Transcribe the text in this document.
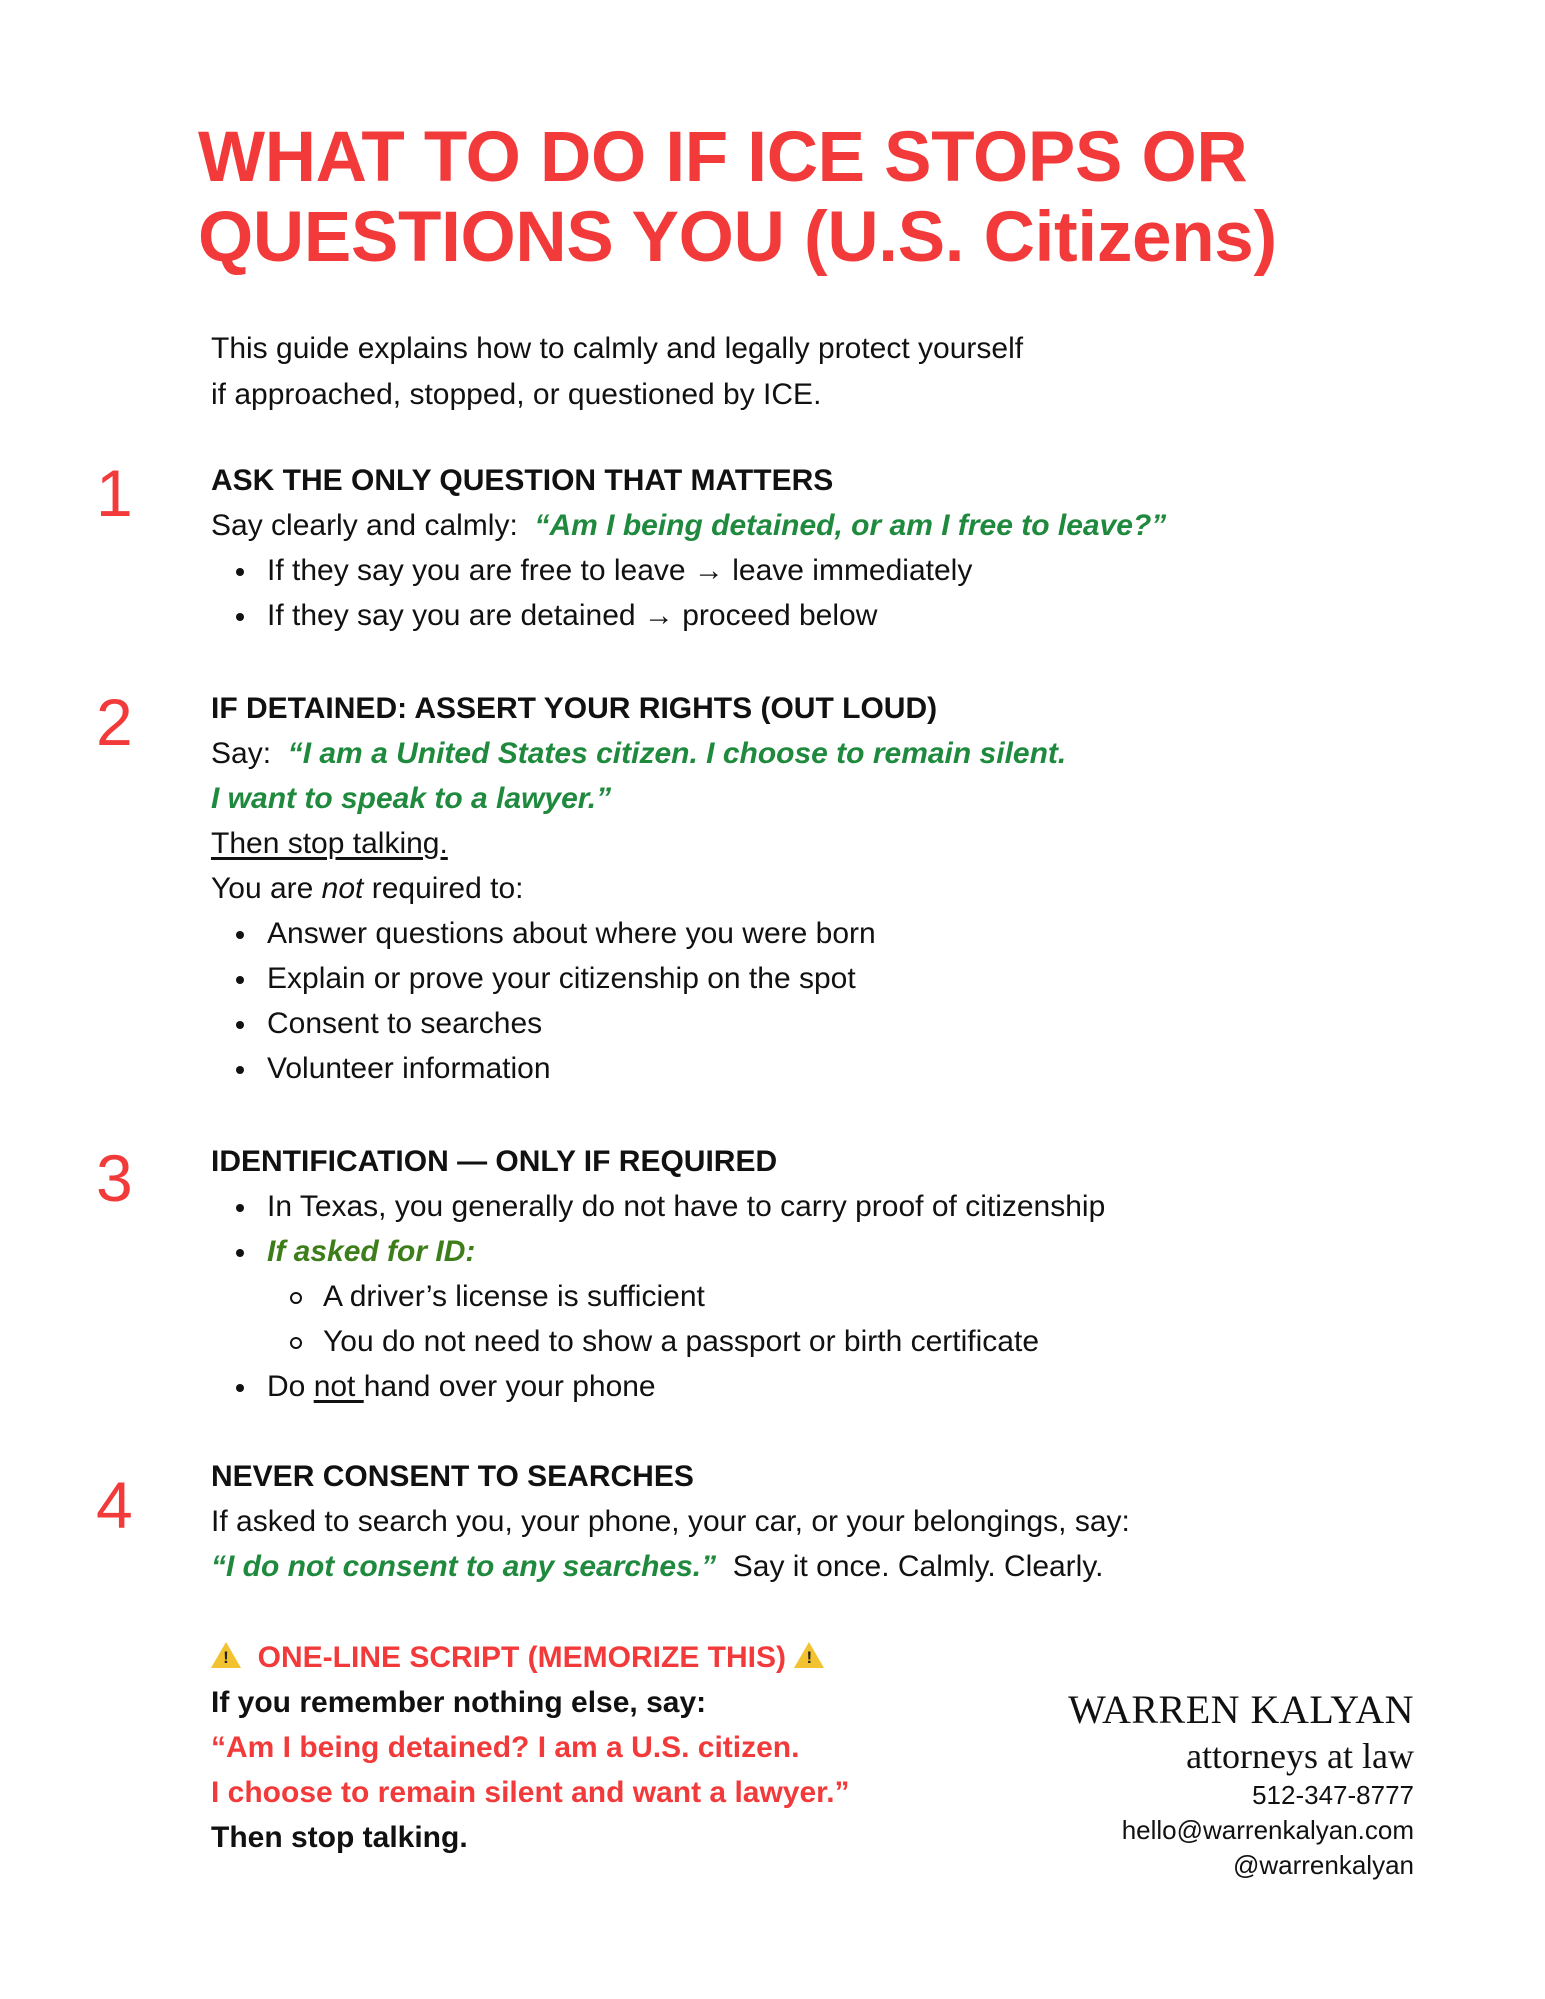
WHAT TO DO IF ICE STOPS OR
QUESTIONS YOU (U.S. Citizens)
This guide explains how to calmly and legally protect yourself
if approached, stopped, or questioned by ICE.
1	ASK THE ONLY QUESTION THAT MATTERS
Say clearly and calmly: “Am I being detained, or am I free to leave?”
If they say you are free to leave → leave immediately
If they say you are detained → proceed below
2	IF DETAINED: ASSERT YOUR RIGHTS (OUT LOUD)
Say: “I am a United States citizen. I choose to remain silent.
I want to speak to a lawyer.”
Then stop talking.
You are not required to:
Answer questions about where you were born
Explain or prove your citizenship on the spot
Consent to searches
Volunteer information
3	IDENTIFICATION — ONLY IF REQUIRED
In Texas, you generally do not have to carry proof of citizenship
If asked for ID:
A driver’s license is sufficient
You do not need to show a passport or birth certificate
Do not hand over your phone
4	NEVER CONSENT TO SEARCHES
If asked to search you, your phone, your car, or your belongings, say:
“I do not consent to any searches.” Say it once. Calmly. Clearly.
! ONE-LINE SCRIPT (MEMORIZE THIS) !
If you remember nothing else, say:
“Am I being detained? I am a U.S. citizen.
I choose to remain silent and want a lawyer.”
Then stop talking.
WARREN KALYAN
attorneys at law
512-347-8777
hello@warrenkalyan.com
@warrenkalyan
